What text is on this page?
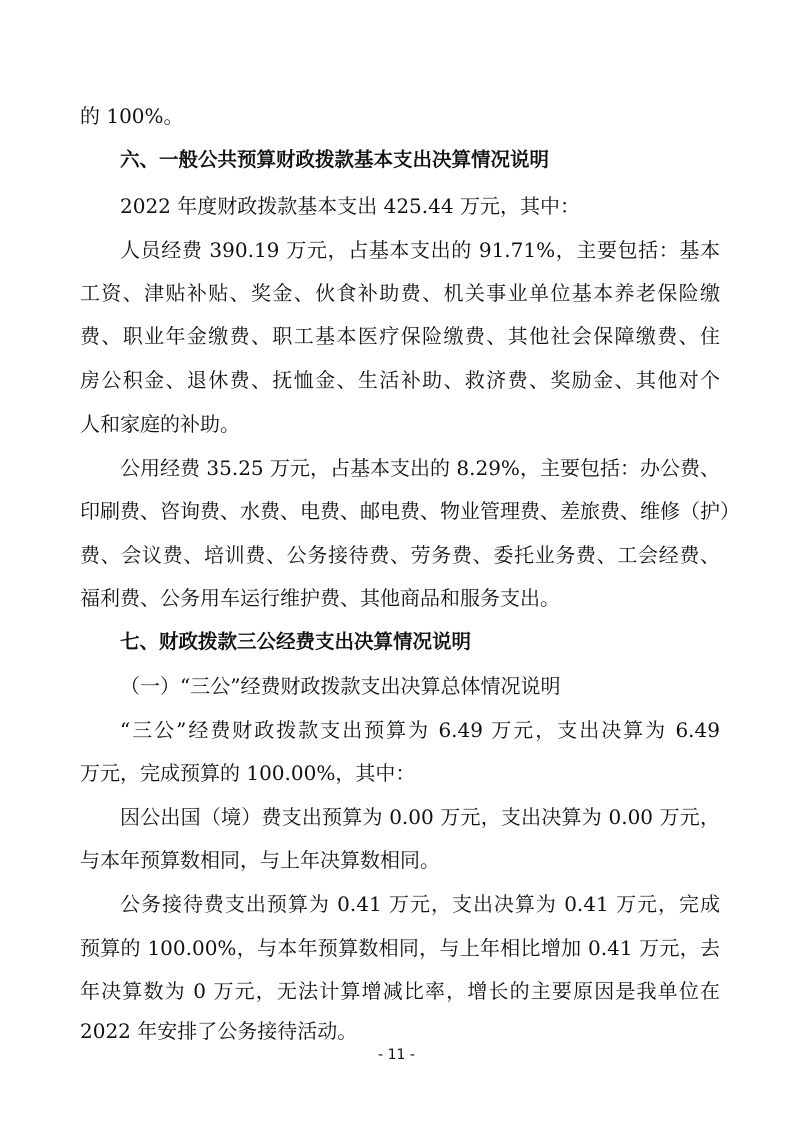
的 100%。
六、一般公共预算财政拨款基本支出决算情况说明
2022 年度财政拨款基本支出 425.44 万元，其中：
人员经费 390.19 万元，占基本支出的 91.71%，主要包括：基本
工资、津贴补贴、奖金、伙食补助费、机关事业单位基本养老保险缴
费、职业年金缴费、职工基本医疗保险缴费、其他社会保障缴费、住
房公积金、退休费、抚恤金、生活补助、救济费、奖励金、其他对个
人和家庭的补助。
公用经费 35.25 万元，占基本支出的 8.29%，主要包括：办公费、
印刷费、咨询费、水费、电费、邮电费、物业管理费、差旅费、维修（护）
费、会议费、培训费、公务接待费、劳务费、委托业务费、工会经费、
福利费、公务用车运行维护费、其他商品和服务支出。
七、财政拨款三公经费支出决算情况说明
（一）“三公”经费财政拨款支出决算总体情况说明
“三公”经费财政拨款支出预算为 6.49 万元，支出决算为 6.49
万元，完成预算的 100.00%，其中：
因公出国（境）费支出预算为 0.00 万元，支出决算为 0.00 万元，
与本年预算数相同，与上年决算数相同。
公务接待费支出预算为 0.41 万元，支出决算为 0.41 万元，完成
预算的 100.00%，与本年预算数相同，与上年相比增加 0.41 万元，去
年决算数为 0 万元，无法计算增减比率，增长的主要原因是我单位在
2022 年安排了公务接待活动。
- 11 -
